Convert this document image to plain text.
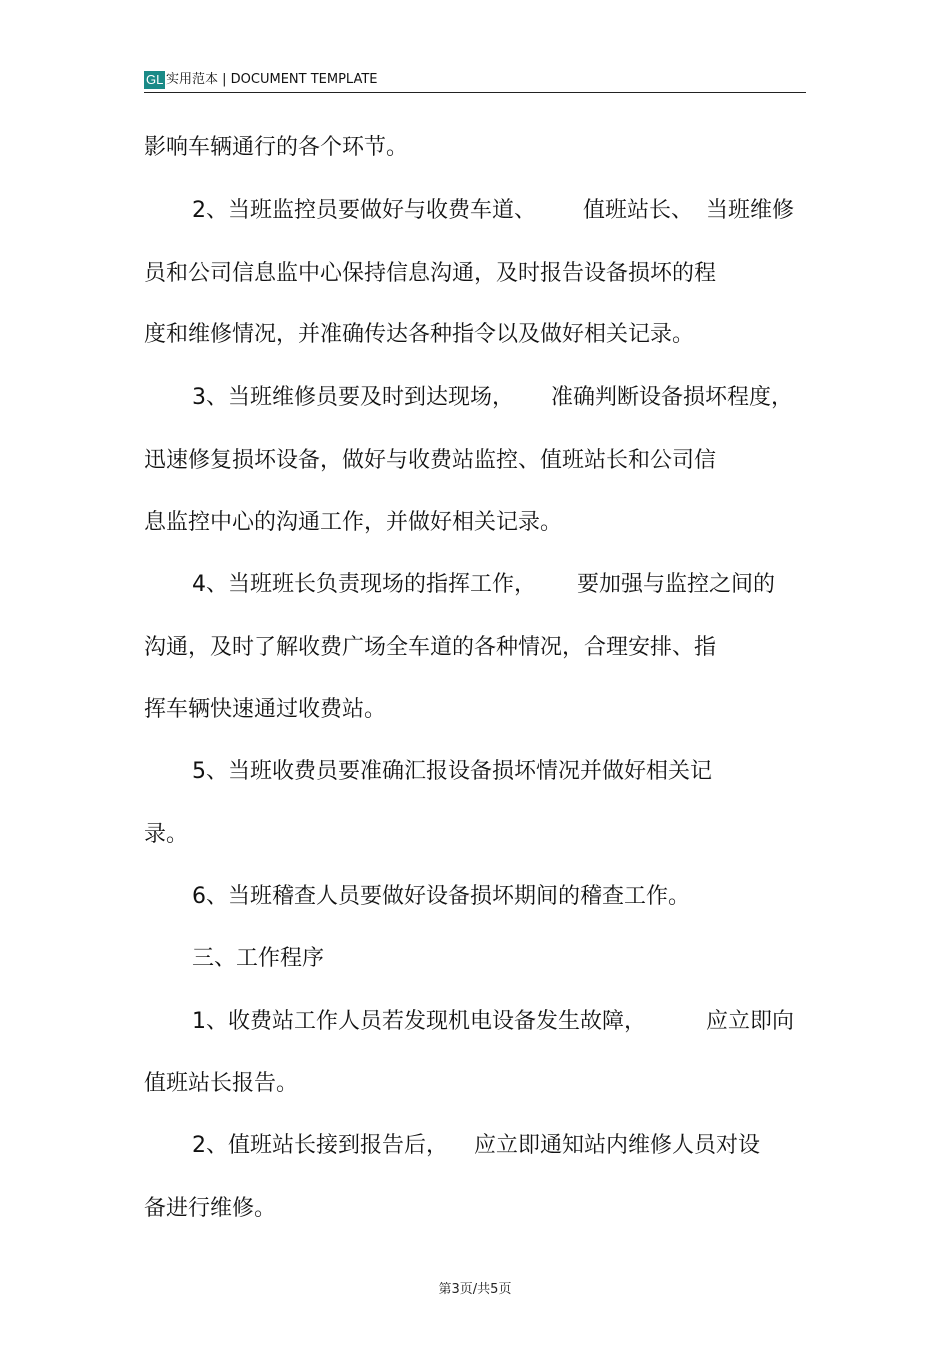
GL 实用范本 | DOCUMENT TEMPLATE
影响车辆通行的各个环节。
2、当班监控员要做好与收费车道、 值班站长、 当班维修
员和公司信息监中心保持信息沟通，及时报告设备损坏的程
度和维修情况，并准确传达各种指令以及做好相关记录。
3、当班维修员要及时到达现场， 准确判断设备损坏程度，
迅速修复损坏设备，做好与收费站监控、值班站长和公司信
息监控中心的沟通工作，并做好相关记录。
4、当班班长负责现场的指挥工作， 要加强与监控之间的
沟通，及时了解收费广场全车道的各种情况，合理安排、指
挥车辆快速通过收费站。
5、当班收费员要准确汇报设备损坏情况并做好相关记
录。
6、当班稽查人员要做好设备损坏期间的稽查工作。
三、工作程序
1、收费站工作人员若发现机电设备发生故障，	应立即向
值班站长报告。
2、值班站长接到报告后， 应立即通知站内维修人员对设
备进行维修。
第3页/共5页
